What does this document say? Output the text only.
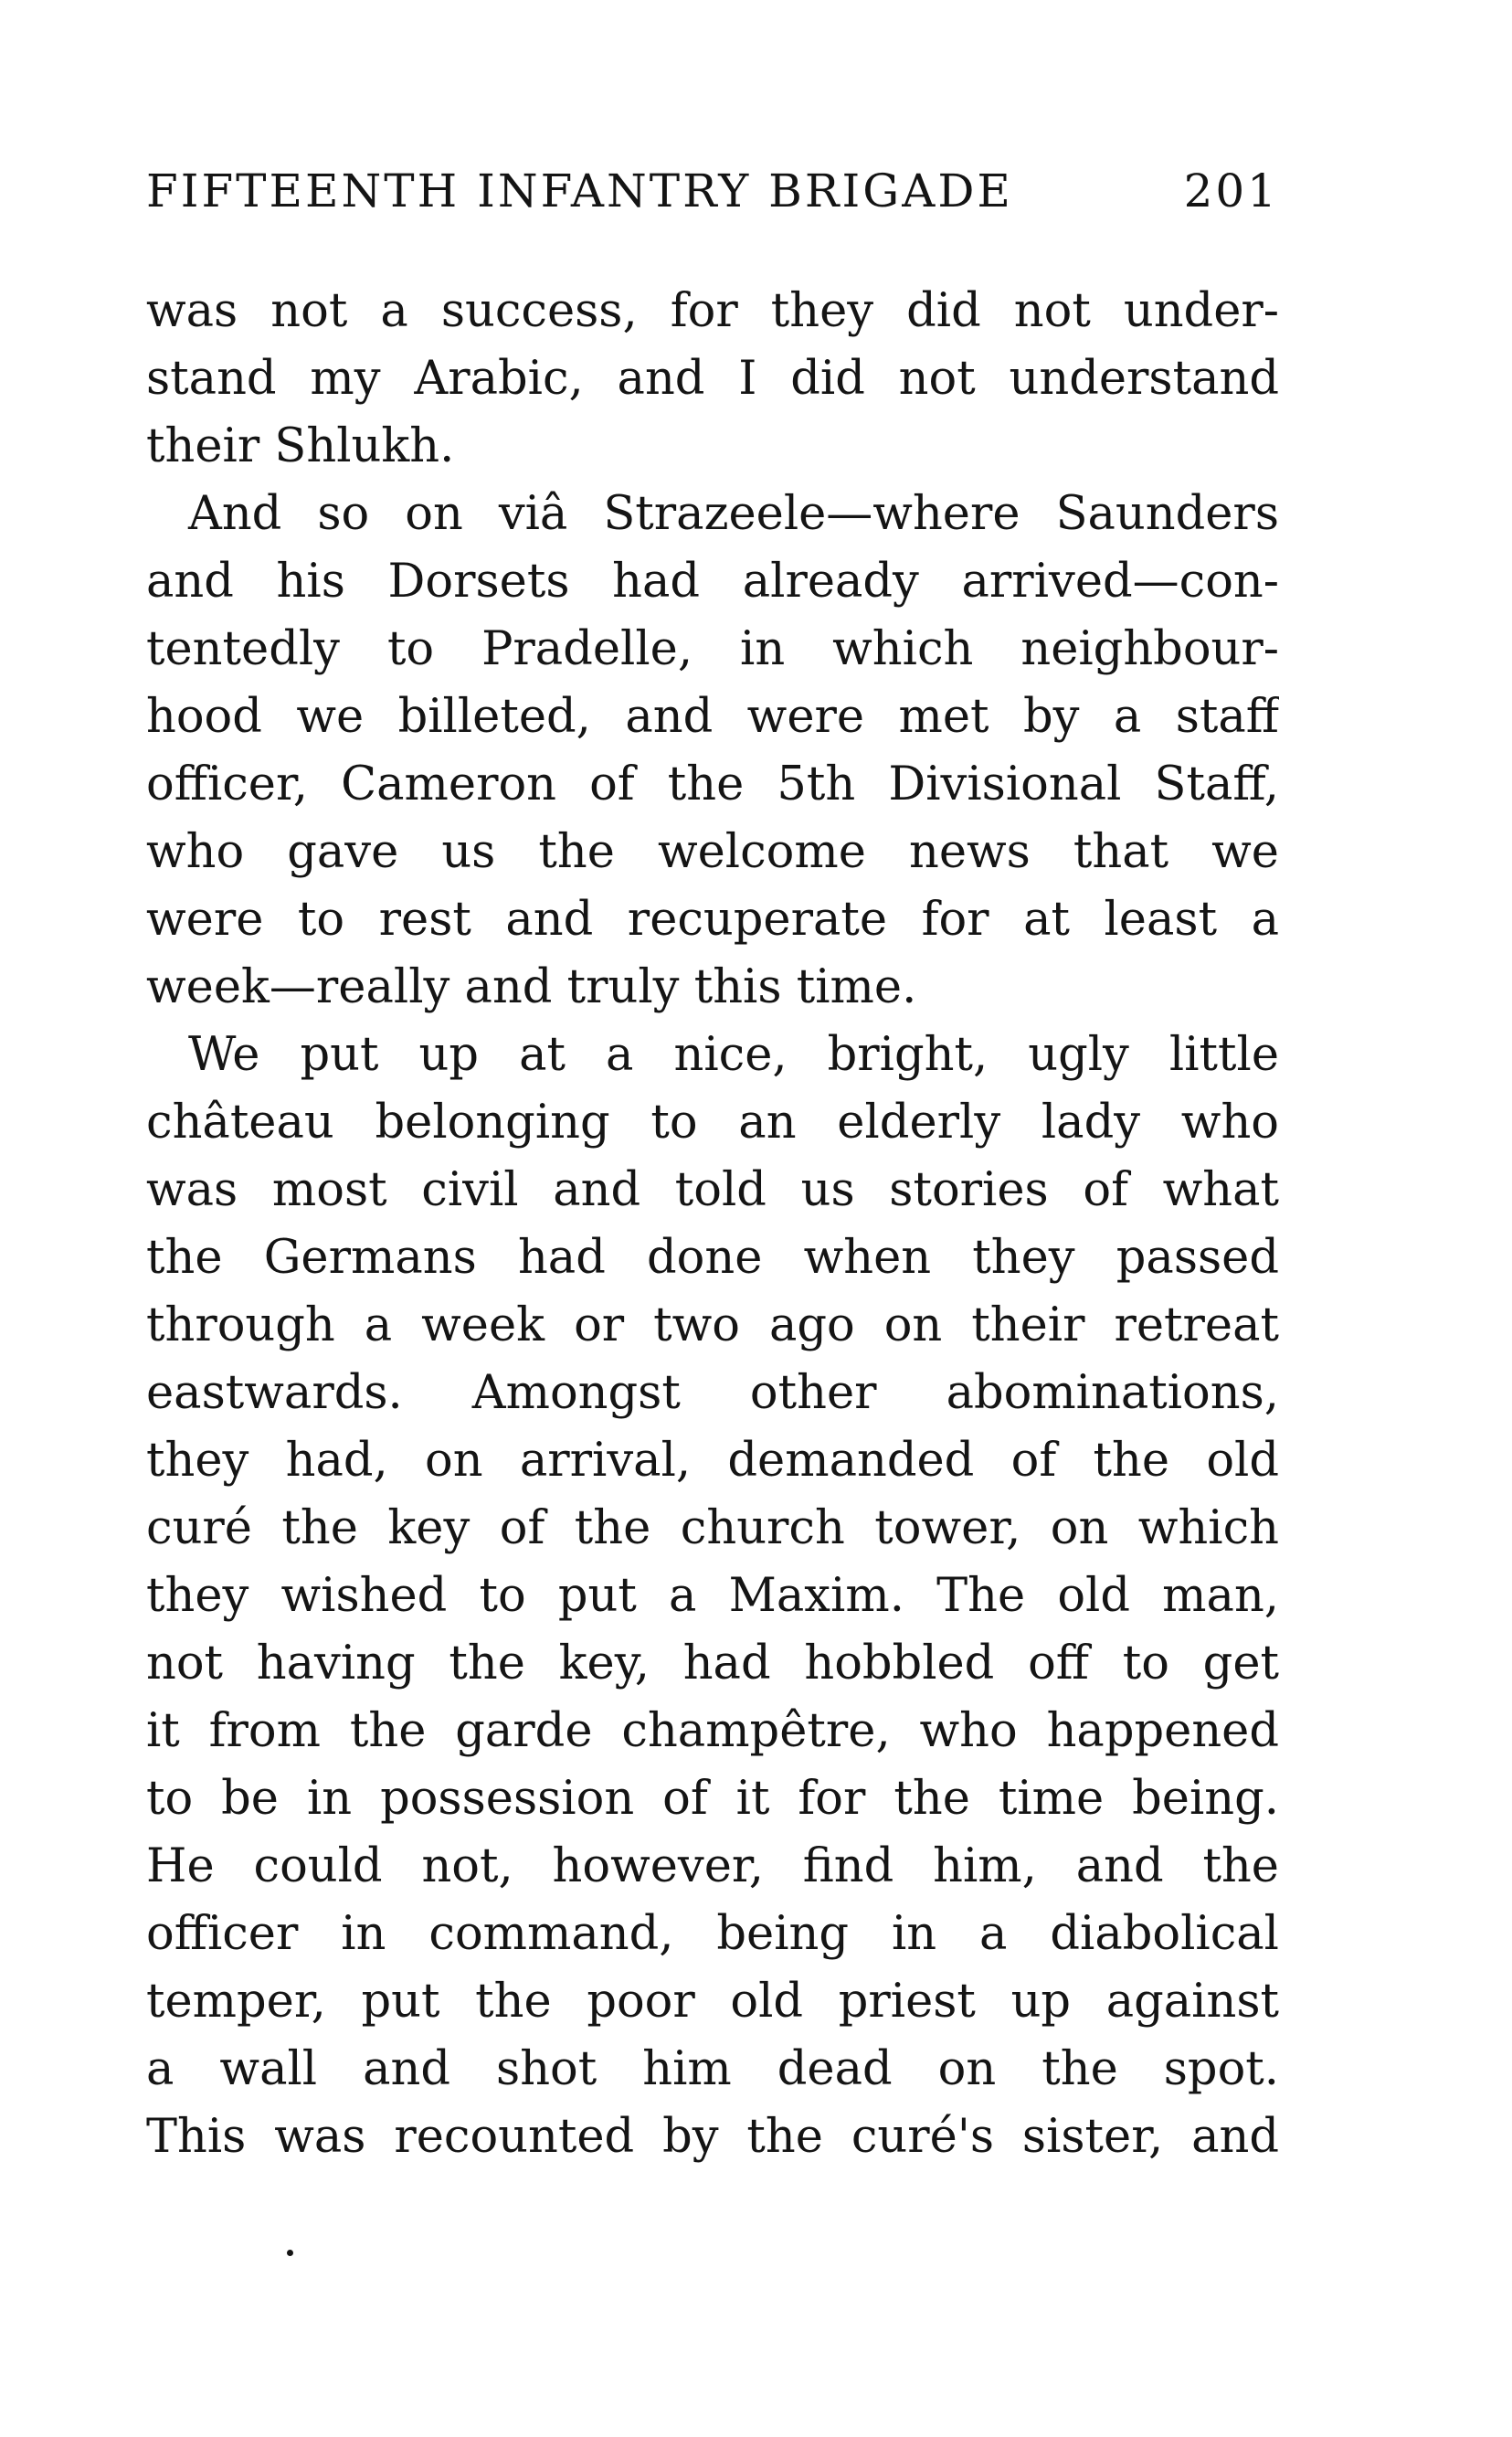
FIFTEENTH INFANTRY BRIGADE	201
was not a success, for they did not under-
stand my Arabic, and I did not understand
their Shlukh.
And so on viâ Strazeele—where Saunders
and his Dorsets had already arrived—con-
tentedly to Pradelle, in which neighbour-
hood we billeted, and were met by a staff
officer, Cameron of the 5th Divisional Staff,
who gave us the welcome news that we
were to rest and recuperate for at least a
week—really and truly this time.
We put up at a nice, bright, ugly little
château belonging to an elderly lady who
was most civil and told us stories of what
the Germans had done when they passed
through a week or two ago on their retreat
eastwards. Amongst other abominations,
they had, on arrival, demanded of the old
curé the key of the church tower, on which
they wished to put a Maxim. The old man,
not having the key, had hobbled off to get
it from the garde champêtre, who happened
to be in possession of it for the time being.
He could not, however, find him, and the
officer in command, being in a diabolical
temper, put the poor old priest up against
a wall and shot him dead on the spot.
This was recounted by the curé's sister, and
